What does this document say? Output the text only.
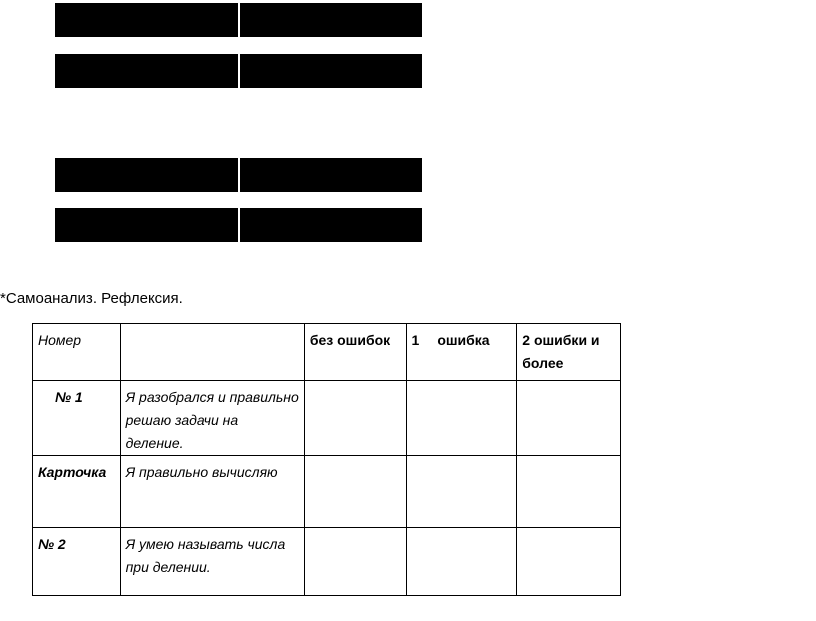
*Самоанализ. Рефлексия.
Номер		без ошибок	1 ошибка	2 ошибки и более
№ 1	Я разобрался и правильно решаю задачи на деление.			
Карточка	Я правильно вычисляю			
№ 2	Я умею называть числа при делении.			
